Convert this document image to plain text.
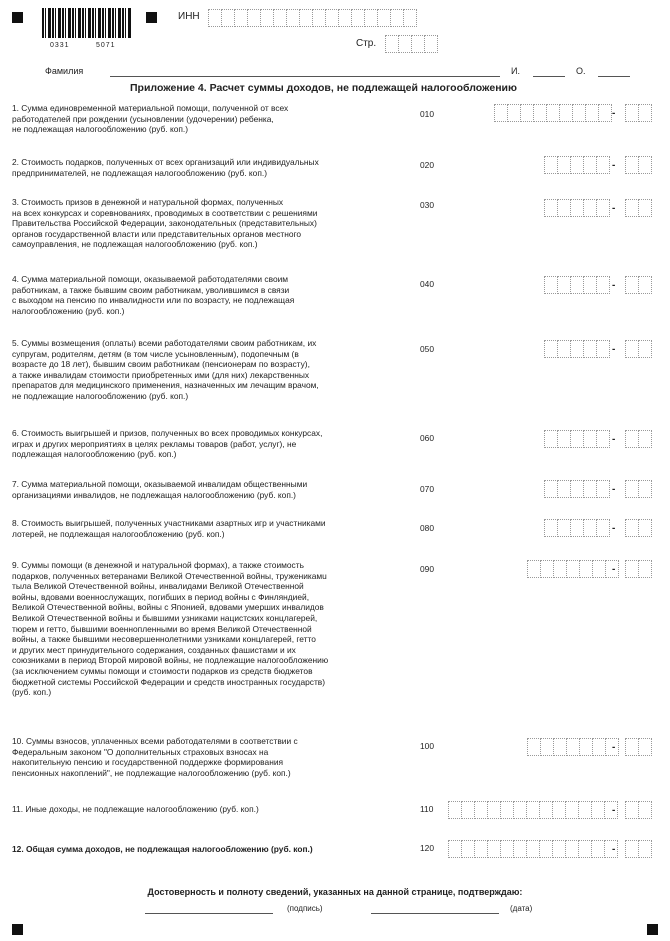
0331	5071
ИНН
Стр.
Фамилия	И.	О.
Приложение 4. Расчет суммы доходов, не подлежащей налогообложению
1. Сумма единовременной материальной помощи, полученной от всех
работодателей при рождении (усыновлении (удочерении) ребенка,
не подлежащая налогообложению (руб. коп.)
010	-
2. Стоимость подарков, полученных от всех организаций или индивидуальных
предпринимателей, не подлежащая налогообложению (руб. коп.)
020	-
3. Стоимость призов в денежной и натуральной формах, полученных
на всех конкурсах и соревнованиях, проводимых в соответствии с решениями
Правительства Российской Федерации, законодательных (представительных)
органов государственной власти или представительных органов местного
самоуправления, не подлежащая налогообложению (руб. коп.)
030	-
4. Сумма материальной помощи, оказываемой работодателями своим
работникам, а также бывшим своим работникам, уволившимся в связи
с выходом на пенсию по инвалидности или по возрасту, не подлежащая
налогообложению (руб. коп.)
040	-
5. Суммы возмещения (оплаты) всеми работодателями своим работникам, их
супругам, родителям, детям (в том числе усыновленным), подопечным (в
возрасте до 18 лет), бывшим своим работникам (пенсионерам по возрасту),
а также инвалидам стоимости приобретенных ими (для них) лекарственных
препаратов для медицинского применения, назначенных им лечащим врачом,
не подлежащие налогообложению (руб. коп.)
050	-
6. Стоимость выигрышей и призов, полученных во всех проводимых конкурсах,
играх и других мероприятиях в целях рекламы товаров (работ, услуг), не
подлежащая налогообложению (руб. коп.)
060	-
7. Сумма материальной помощи, оказываемой инвалидам общественными
организациями инвалидов, не подлежащая налогообложению (руб. коп.)
070	-
8. Стоимость выигрышей, полученных участниками азартных игр и участниками
лотерей, не подлежащая налогообложению (руб. коп.)
080	-
9. Суммы помощи (в денежной и натуральной формах), а также стоимость
подарков, полученных ветеранами Великой Отечественной войны, труженикамu
тыла Великой Отечественной войны, инвалидами Великой Отечественной
войны, вдовами военнослужащих, погибших в период войны с Финляндией,
Великой Отечественной войны, войны с Японией, вдовами умерших инвалидов
Великой Отечественной войны и бывшими узниками нацистских концлагерей,
тюрем и гетто, бывшими военнопленными во время Великой Отечественной
войны, а также бывшими несовершеннолетними узниками концлагерей, гетто
и других мест принудительного содержания, созданных фашистами и их
союзниками в период Второй мировой войны, не подлежащие налогообложению
(за исключением суммы помощи и стоимости подарков из средств бюджетов
бюджетной системы Российской Федерации и средств иностранных государств)
(руб. коп.)
090	-
10. Суммы взносов, уплаченных всеми работодателями в соответствии с
Федеральным законом "О дополнительных страховых взносах на
накопительную пенсию и государственной поддержке формирования
пенсионных накоплений", не подлежащие налогообложению (руб. коп.)
100	-
11. Иные доходы, не подлежащие налогообложению (руб. коп.)	110	-
12. Общая сумма доходов, не подлежащая налогообложению (руб. коп.)	120	-
Достоверность и полноту сведений, указанных на данной странице, подтверждаю:
(подпись)	(дата)
